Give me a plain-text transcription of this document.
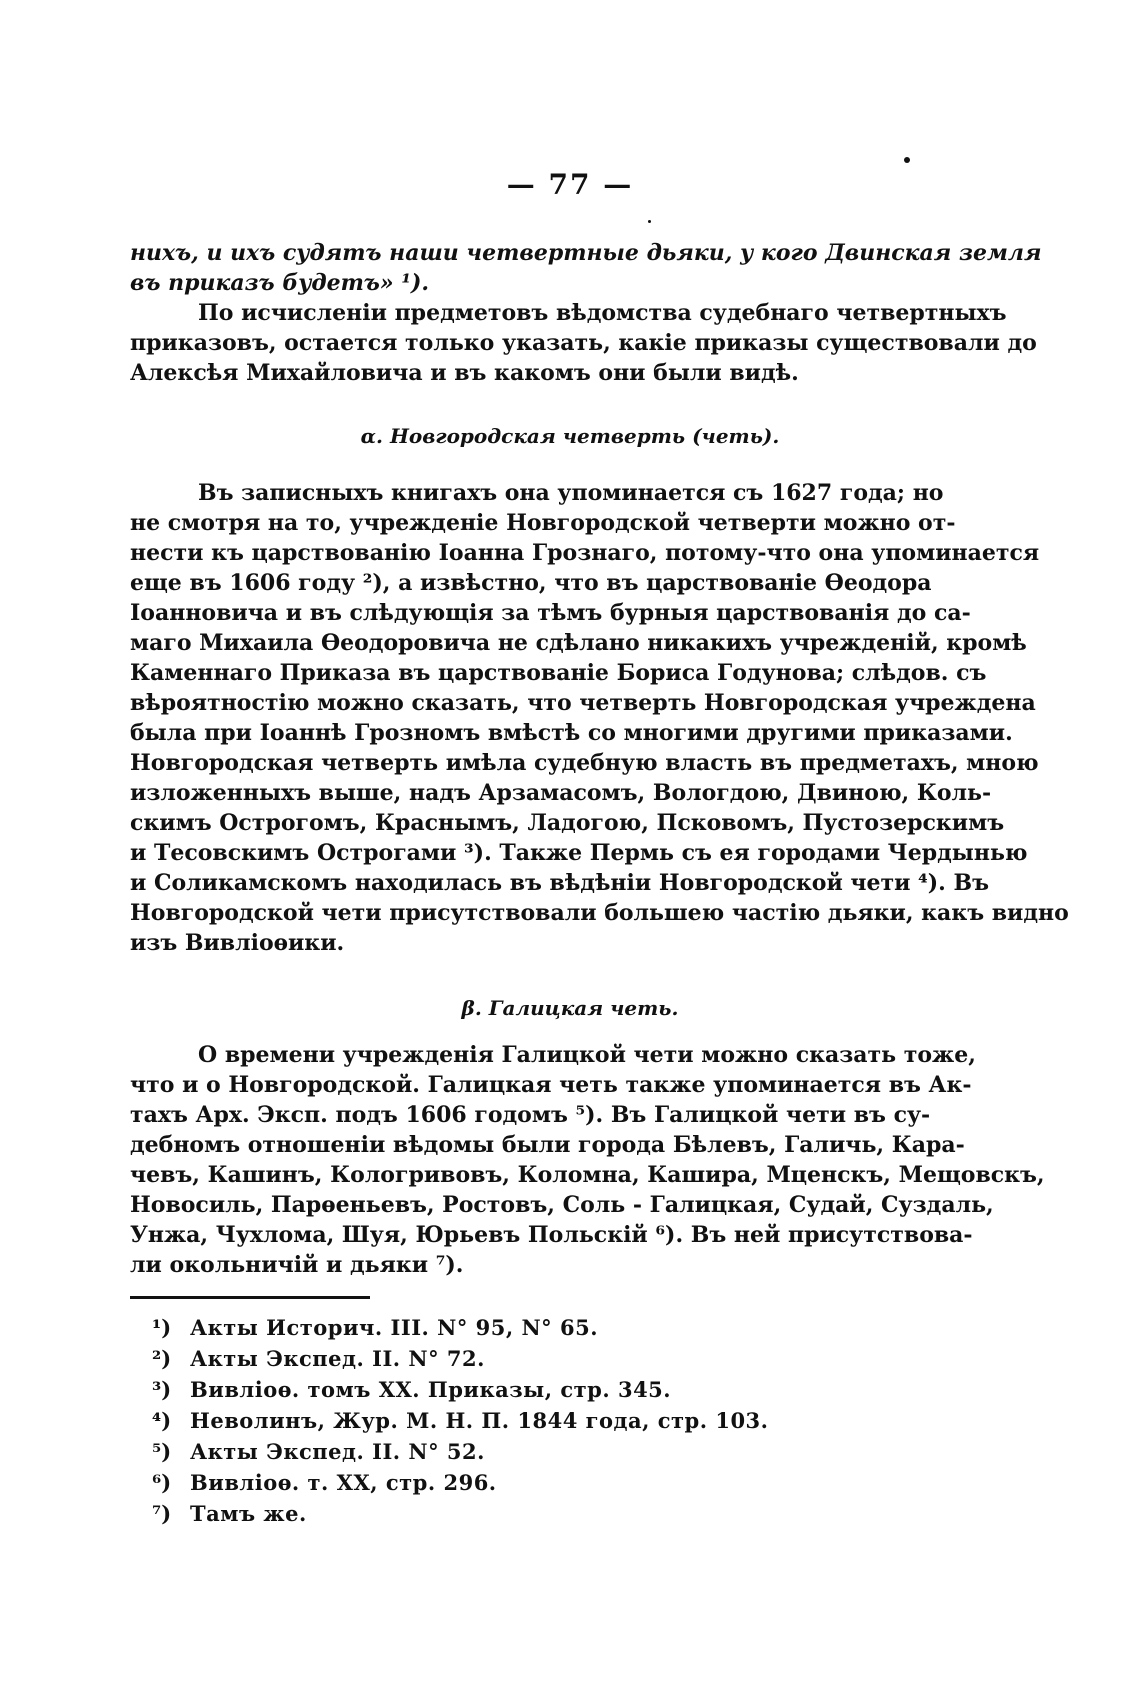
— 77 —
нихъ, и ихъ судятъ наши четвертные дьяки, у кого Двинская земля
въ приказъ будетъ» ¹).
По исчисленіи предметовъ вѣдомства судебнаго четвертныхъ
приказовъ, остается только указать, какіе приказы существовали до
Алексѣя Михайловича и въ какомъ они были видѣ.
α. Новгородская четверть (четь).
Въ записныхъ книгахъ она упоминается съ 1627 года; но
не смотря на то, учрежденіе Новгородской четверти можно от-
нести къ царствованію Іоанна Грознаго, потому-что она упоминается
еще въ 1606 году ²), а извѣстно, что въ царствованіе Өеодора
Іоанновича и въ слѣдующія за тѣмъ бурныя царствованія до са-
маго Михаила Өеодоровича не сдѣлано никакихъ учрежденій, кромѣ
Каменнаго Приказа въ царствованіе Бориса Годунова; слѣдов. съ
вѣроятностію можно сказать, что четверть Новгородская учреждена
была при Іоаннѣ Грозномъ вмѣстѣ со многими другими приказами.
Новгородская четверть имѣла судебную власть въ предметахъ, мною
изложенныхъ выше, надъ Арзамасомъ, Вологдою, Двиною, Коль-
скимъ Острогомъ, Краснымъ, Ладогою, Псковомъ, Пустозерскимъ
и Тесовскимъ Острогами ³). Также Пермь съ ея городами Чердынью
и Соликамскомъ находилась въ вѣдѣніи Новгородской чети ⁴). Въ
Новгородской чети присутствовали большею частію дьяки, какъ видно
изъ Вивліоѳики.
β. Галицкая четь.
О времени учрежденія Галицкой чети можно сказать тоже,
что и о Новгородской. Галицкая четь также упоминается въ Ак-
тахъ Арх. Эксп. подъ 1606 годомъ ⁵). Въ Галицкой чети въ су-
дебномъ отношеніи вѣдомы были города Бѣлевъ, Галичь, Кара-
чевъ, Кашинъ, Кологривовъ, Коломна, Кашира, Мценскъ, Мещовскъ,
Новосиль, Парѳеньевъ, Ростовъ, Соль - Галицкая, Судай, Суздаль,
Унжа, Чухлома, Шуя, Юрьевъ Польскій ⁶). Въ ней присутствова-
ли окольничій и дьяки ⁷).
¹) Акты Историч. III. N° 95, N° 65.
²) Акты Экспед. II. N° 72.
³) Вивліоѳ. томъ XX. Приказы, стр. 345.
⁴) Неволинъ, Жур. М. Н. П. 1844 года, стр. 103.
⁵) Акты Экспед. II. N° 52.
⁶) Вивліоѳ. т. XX, стр. 296.
⁷) Тамъ же.
